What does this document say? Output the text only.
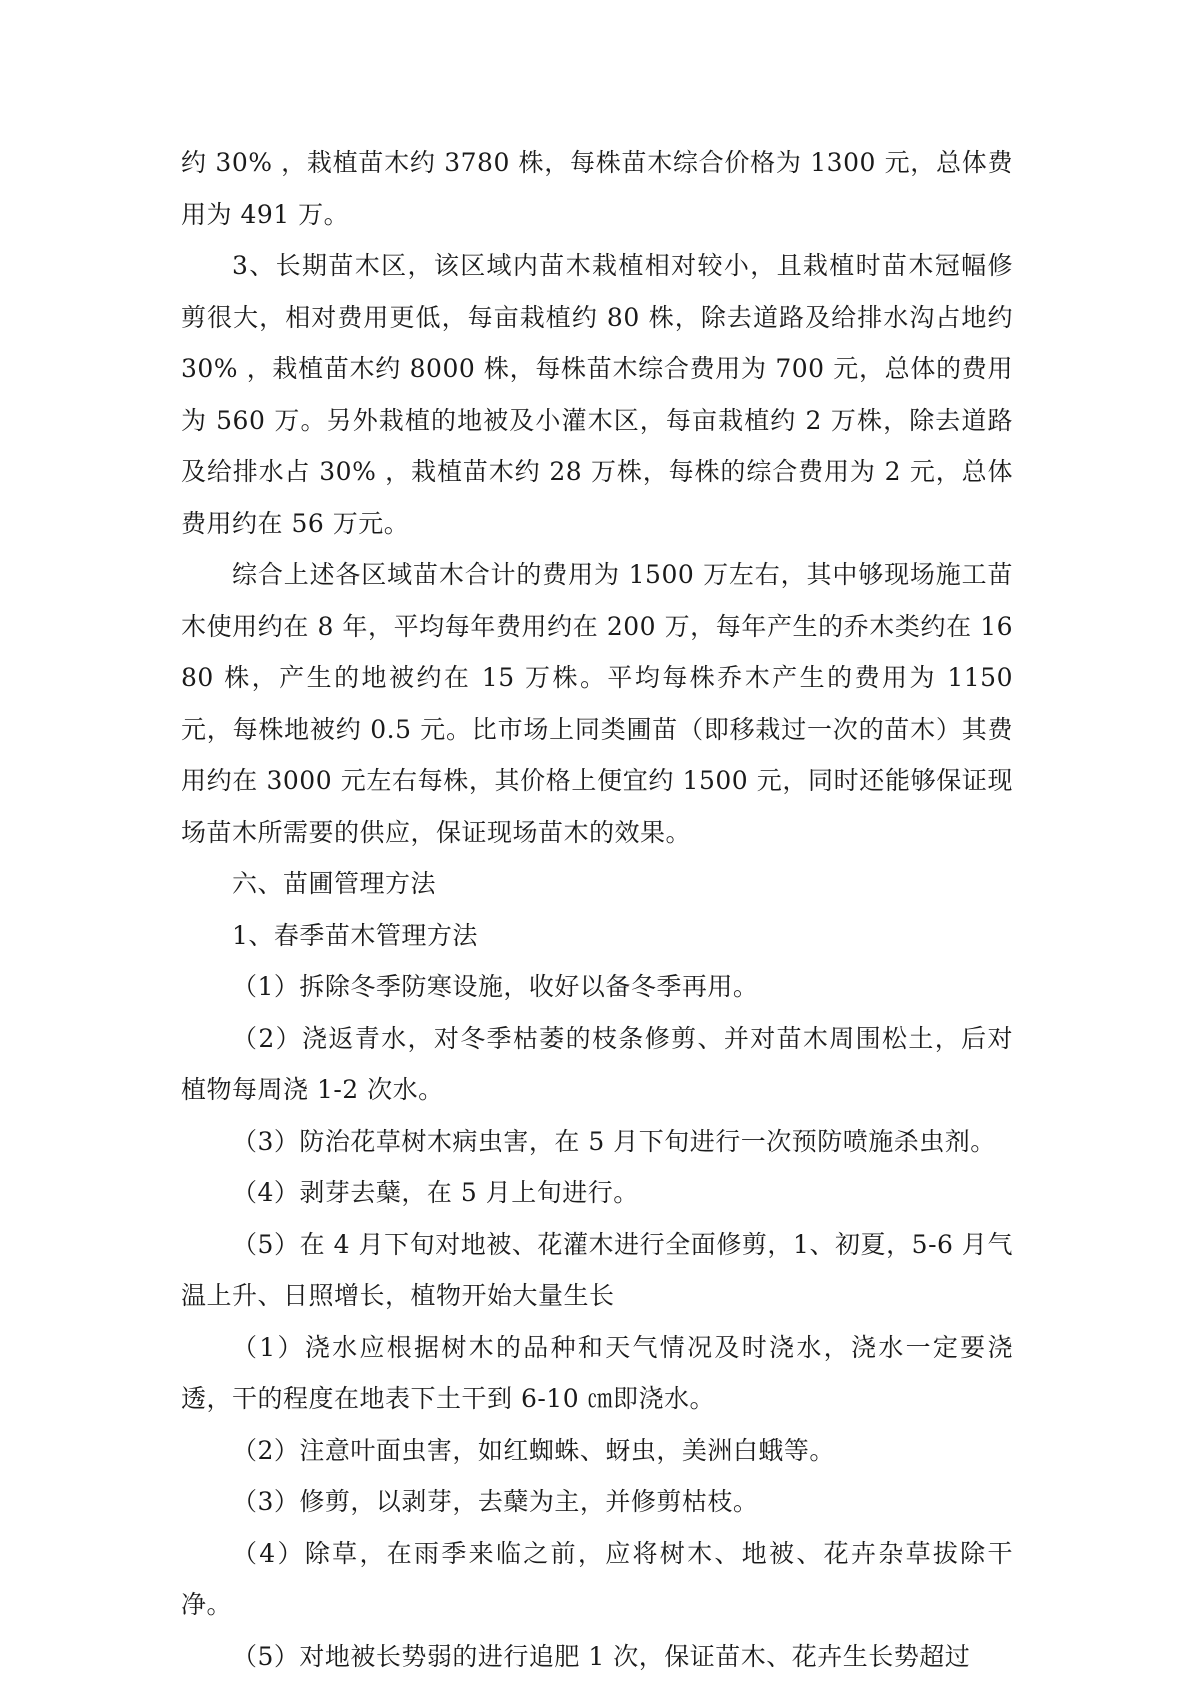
约 30% ，栽植苗木约 3780 株，每株苗木综合价格为 1300 元，总体费用为 491 万。

3、长期苗木区，该区域内苗木栽植相对较小，且栽植时苗木冠幅修剪很大，相对费用更低，每亩栽植约 80 株，除去道路及给排水沟占地约 30% ，栽植苗木约 8000 株，每株苗木综合费用为 700 元，总体的费用为 560 万。另外栽植的地被及小灌木区，每亩栽植约 2 万株，除去道路及给排水占 30% ，栽植苗木约 28 万株，每株的综合费用为 2 元，总体费用约在 56 万元。

综合上述各区域苗木合计的费用为 1500 万左右，其中够现场施工苗木使用约在 8 年，平均每年费用约在 200 万，每年产生的乔木类约在 1680 株，产生的地被约在 15 万株。平均每株乔木产生的费用为 1150 元，每株地被约 0.5 元。比市场上同类圃苗（即移栽过一次的苗木）其费用约在 3000 元左右每株，其价格上便宜约 1500 元，同时还能够保证现场苗木所需要的供应，保证现场苗木的效果。

六、苗圃管理方法

1、春季苗木管理方法

（1）拆除冬季防寒设施，收好以备冬季再用。

（2）浇返青水，对冬季枯萎的枝条修剪、并对苗木周围松土，后对植物每周浇 1-2 次水。

（3）防治花草树木病虫害，在 5 月下旬进行一次预防喷施杀虫剂。

（4）剥芽去蘖，在 5 月上旬进行。

（5）在 4 月下旬对地被、花灌木进行全面修剪，1、初夏，5-6 月气温上升、日照增长，植物开始大量生长

（1）浇水应根据树木的品种和天气情况及时浇水，浇水一定要浇透，干的程度在地表下土干到 6-10 ㎝即浇水。

（2）注意叶面虫害，如红蜘蛛、蚜虫，美洲白蛾等。

（3）修剪，以剥芽，去蘖为主，并修剪枯枝。

（4）除草，在雨季来临之前，应将树木、地被、花卉杂草拔除干净。

（5）对地被长势弱的进行追肥 1 次，保证苗木、花卉生长势超过
